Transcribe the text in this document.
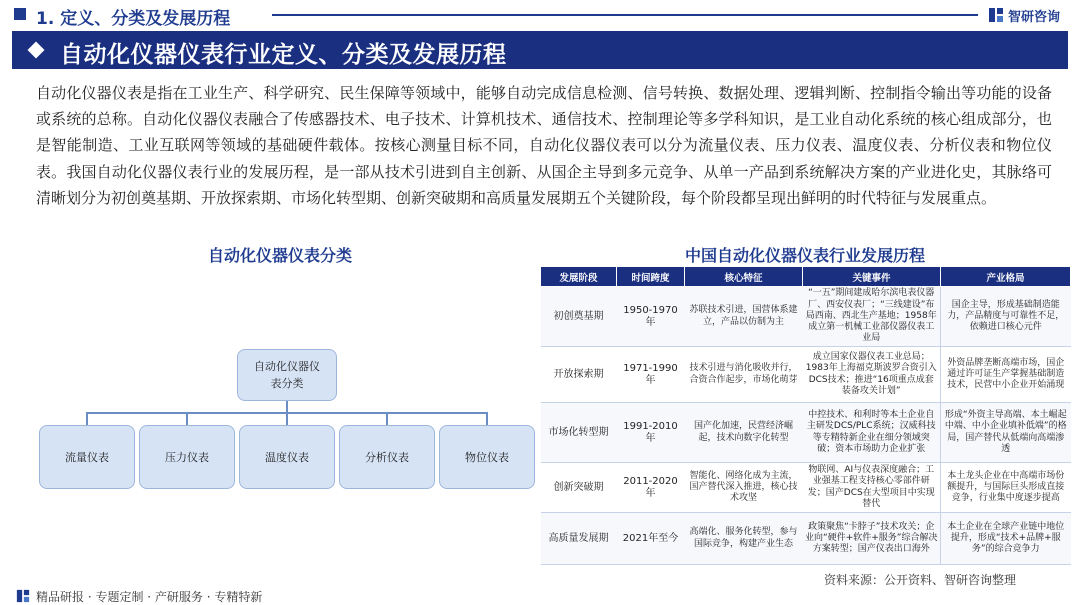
1. 定义、分类及发展历程	智研咨询
自动化仪器仪表行业定义、分类及发展历程

自动化仪器仪表是指在工业生产、科学研究、民生保障等领域中，能够自动完成信息检测、信号转换、数据处理、逻辑判断、控制指令输出等功能的设备或系统的总称。自动化仪器仪表融合了传感器技术、电子技术、计算机技术、通信技术、控制理论等多学科知识，是工业自动化系统的核心组成部分，也是智能制造、工业互联网等领域的基础硬件载体。按核心测量目标不同，自动化仪器仪表可以分为流量仪表、压力仪表、温度仪表、分析仪表和物位仪表。我国自动化仪器仪表行业的发展历程，是一部从技术引进到自主创新、从国企主导到多元竞争、从单一产品到系统解决方案的产业进化史，其脉络可清晰划分为初创奠基期、开放探索期、市场化转型期、创新突破期和高质量发展期五个关键阶段，每个阶段都呈现出鲜明的时代特征与发展重点。

自动化仪器仪表分类
自动化仪器仪表分类
流量仪表	压力仪表	温度仪表	分析仪表	物位仪表
中国自动化仪器仪表行业发展历程
发展阶段	时间跨度	核心特征	关键事件	产业格局
初创奠基期	1950-1970年	苏联技术引进，国营体系建立，产品以仿制为主	“一五”期间建成哈尔滨电表仪器厂、西安仪表厂；“三线建设”布局西南、西北生产基地；1958年成立第一机械工业部仪器仪表工业局	国企主导，形成基础制造能力，产品精度与可靠性不足，依赖进口核心元件
开放探索期	1971-1990年	技术引进与消化吸收并行，合资合作起步，市场化萌芽	成立国家仪器仪表工业总局；1983年上海福克斯波罗合资引入DCS技术；推进“16项重点成套装备攻关计划”	外资品牌垄断高端市场，国企通过许可证生产掌握基础制造技术，民营中小企业开始涌现
市场化转型期	1991-2010年	国产化加速，民营经济崛起，技术向数字化转型	中控技术、和利时等本土企业自主研发DCS/PLC系统；汉威科技等专精特新企业在细分领域突破；资本市场助力企业扩张	形成“外资主导高端、本土崛起中端、中小企业填补低端”的格局，国产替代从低端向高端渗透
创新突破期	2011-2020年	智能化、网络化成为主流，国产替代深入推进，核心技术攻坚	物联网、AI与仪表深度融合；工业强基工程支持核心零部件研发；国产DCS在大型项目中实现替代	本土龙头企业在中高端市场份额提升，与国际巨头形成直接竞争，行业集中度逐步提高
高质量发展期	2021年至今	高端化、服务化转型，参与国际竞争，构建产业生态	政策聚焦“卡脖子”技术攻关；企业向“硬件+软件+服务”综合解决方案转型；国产仪表出口海外	本土企业在全球产业链中地位提升，形成“技术+品牌+服务”的综合竞争力
资料来源：公开资料、智研咨询整理
精品研报 · 专题定制 · 产研服务 · 专精特新
